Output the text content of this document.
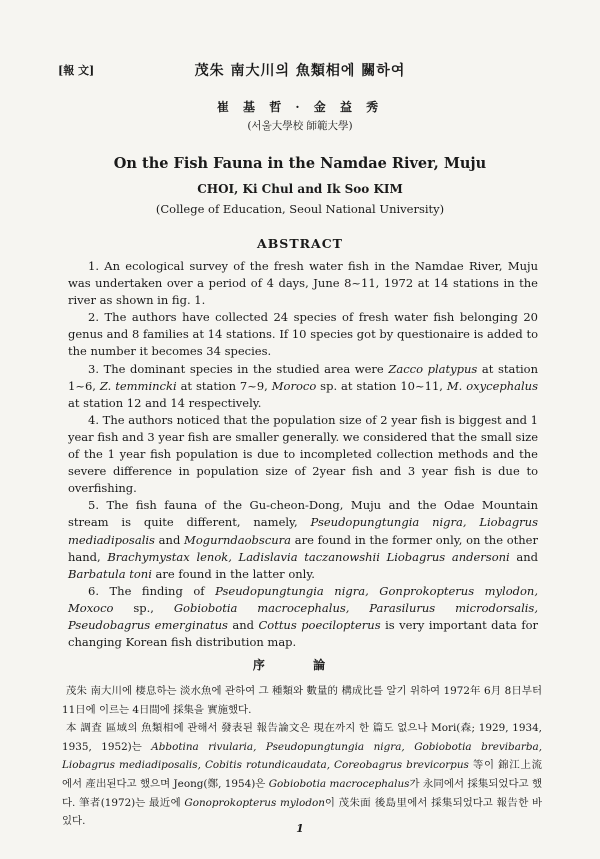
[報 文]	茂朱 南大川의 魚類相에 關하여
崔 基 哲 · 金 益 秀
(서울大學校 師範大學)
On the Fish Fauna in the Namdae River, Muju
CHOI, Ki Chul and Ik Soo KIM
(College of Education, Seoul National University)
ABSTRACT

1. An ecological survey of the fresh water fish in the Namdae River, Muju was undertaken over a period of 4 days, June 8~11, 1972 at 14 stations in the river as shown in fig. 1.

2. The authors have collected 24 species of fresh water fish belonging 20 genus and 8 families at 14 stations. If 10 species got by questionaire is added to the number it becomes 34 species.

3. The dominant species in the studied area were Zacco platypus at station 1~6, Z. temmincki at station 7~9, Moroco sp. at station 10~11, M. oxycephalus at station 12 and 14 respectively.

4. The authors noticed that the population size of 2 year fish is biggest and 1 year fish and 3 year fish are smaller generally. we considered that the small size of the 1 year fish population is due to incompleted collection methods and the severe difference in population size of 2year fish and 3 year fish is due to overfishing.

5. The fish fauna of the Gu-cheon-Dong, Muju and the Odae Mountain stream is quite different, namely, Pseudopungtungia nigra, Liobagrus mediadiposalis and Mogurndaobscura are found in the former only, on the other hand, Brachymystax lenok, Ladislavia taczanowshii Liobagrus andersoni and Barbatula toni are found in the latter only.

6. The finding of Pseudopungtungia nigra, Gonprokopterus mylodon, Moxoco sp., Gobiobotia macrocephalus, Parasilurus microdorsalis, Pseudobagrus emerginatus and Cottus poecilopterus is very important data for changing Korean fish distribution map.

序 論

茂朱 南大川에 棲息하는 淡水魚에 관하여 그 種類와 數量的 構成比를 알기 위하여 1972年 6月 8日부터 11日에 이르는 4日間에 採集을 實施했다.

本 調査 區域의 魚類相에 관해서 發表된 報告論文은 現在까지 한 篇도 없으나 Mori(森; 1929, 1934, 1935, 1952)는 Abbotina rivularia, Pseudopungtungia nigra, Gobiobotia brevibarba, Liobagrus mediadiposalis, Cobitis rotundicaudata, Coreobagrus brevicorpus 等이 錦江上流에서 產出된다고 했으며 Jeong(鄭, 1954)은 Gobiobotia macrocephalus가 永同에서 採集되었다고 했다. 筆者(1972)는 最近에 Gonoprokopterus mylodon이 茂朱面 後島里에서 採集되었다고 報告한 바 있다.

1
